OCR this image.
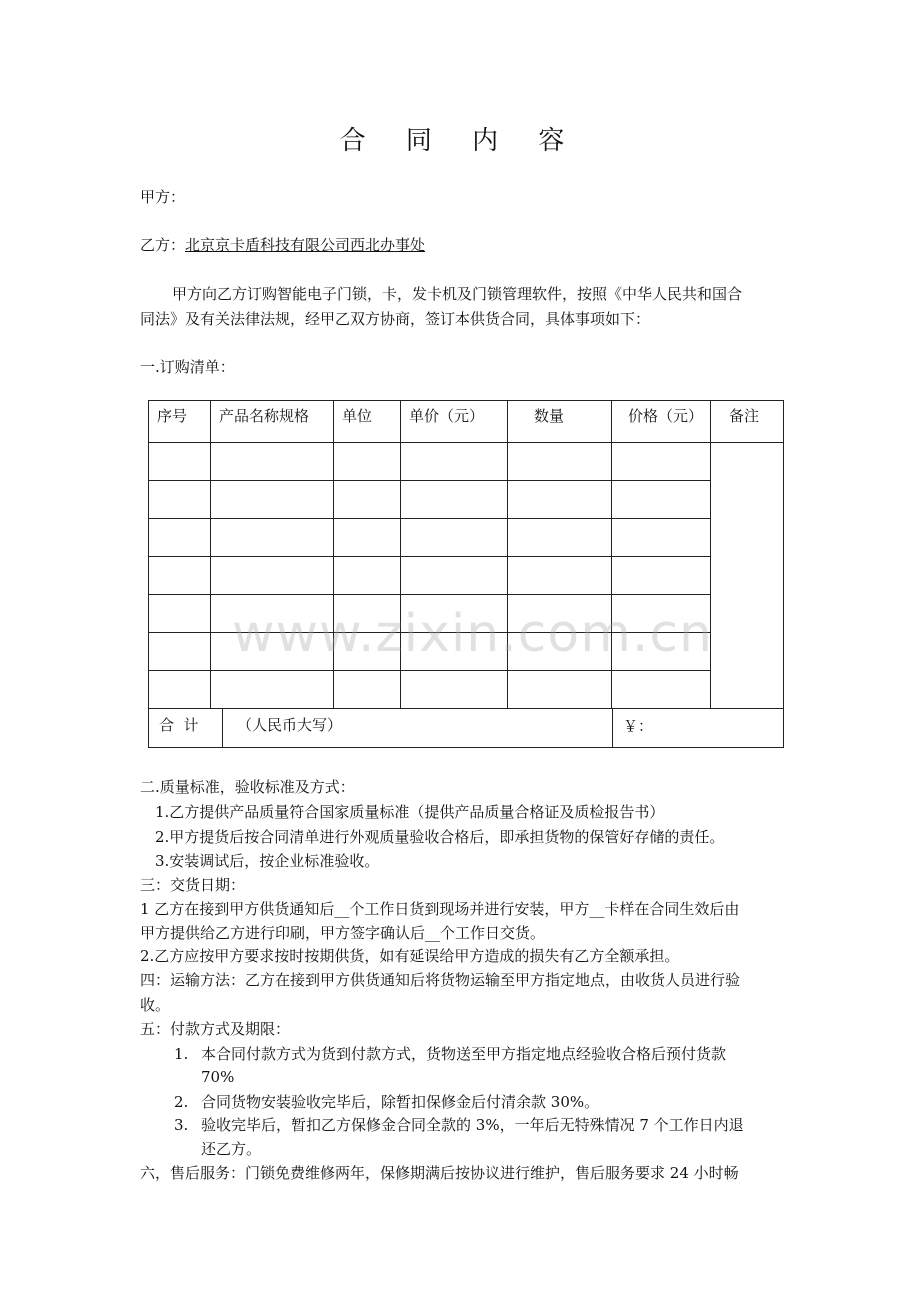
合 同 内 容
甲方：
乙方：北京京卡盾科技有限公司西北办事处
甲方向乙方订购智能电子门锁，卡，发卡机及门锁管理软件，按照《中华人民共和国合
同法》及有关法律法规，经甲乙双方协商，签订本供货合同，具体事项如下：
一.订购清单：
序号	产品名称规格	单位	单价（元）	数量	价格（元）	备注

合  计 （人民币大写） ￥：						
www.zixin.com.cn
二.质量标准，验收标准及方式：
1.乙方提供产品质量符合国家质量标准（提供产品质量合格证及质检报告书）
2.甲方提货后按合同清单进行外观质量验收合格后，即承担货物的保管好存储的责任。
3.安装调试后，按企业标准验收。
三：交货日期：
1 乙方在接到甲方供货通知后__个工作日货到现场并进行安装，甲方__卡样在合同生效后由
甲方提供给乙方进行印刷，甲方签字确认后__个工作日交货。
2.乙方应按甲方要求按时按期供货，如有延误给甲方造成的损失有乙方全额承担。
四：运输方法：乙方在接到甲方供货通知后将货物运输至甲方指定地点，由收货人员进行验
收。
五：付款方式及期限：
1. 本合同付款方式为货到付款方式，货物送至甲方指定地点经验收合格后预付货款
70%
2. 合同货物安装验收完毕后，除暂扣保修金后付清余款 30%。
3. 验收完毕后，暂扣乙方保修金合同全款的 3%，一年后无特殊情况 7 个工作日内退
还乙方。
六，售后服务：门锁免费维修两年，保修期满后按协议进行维护，售后服务要求 24 小时畅
